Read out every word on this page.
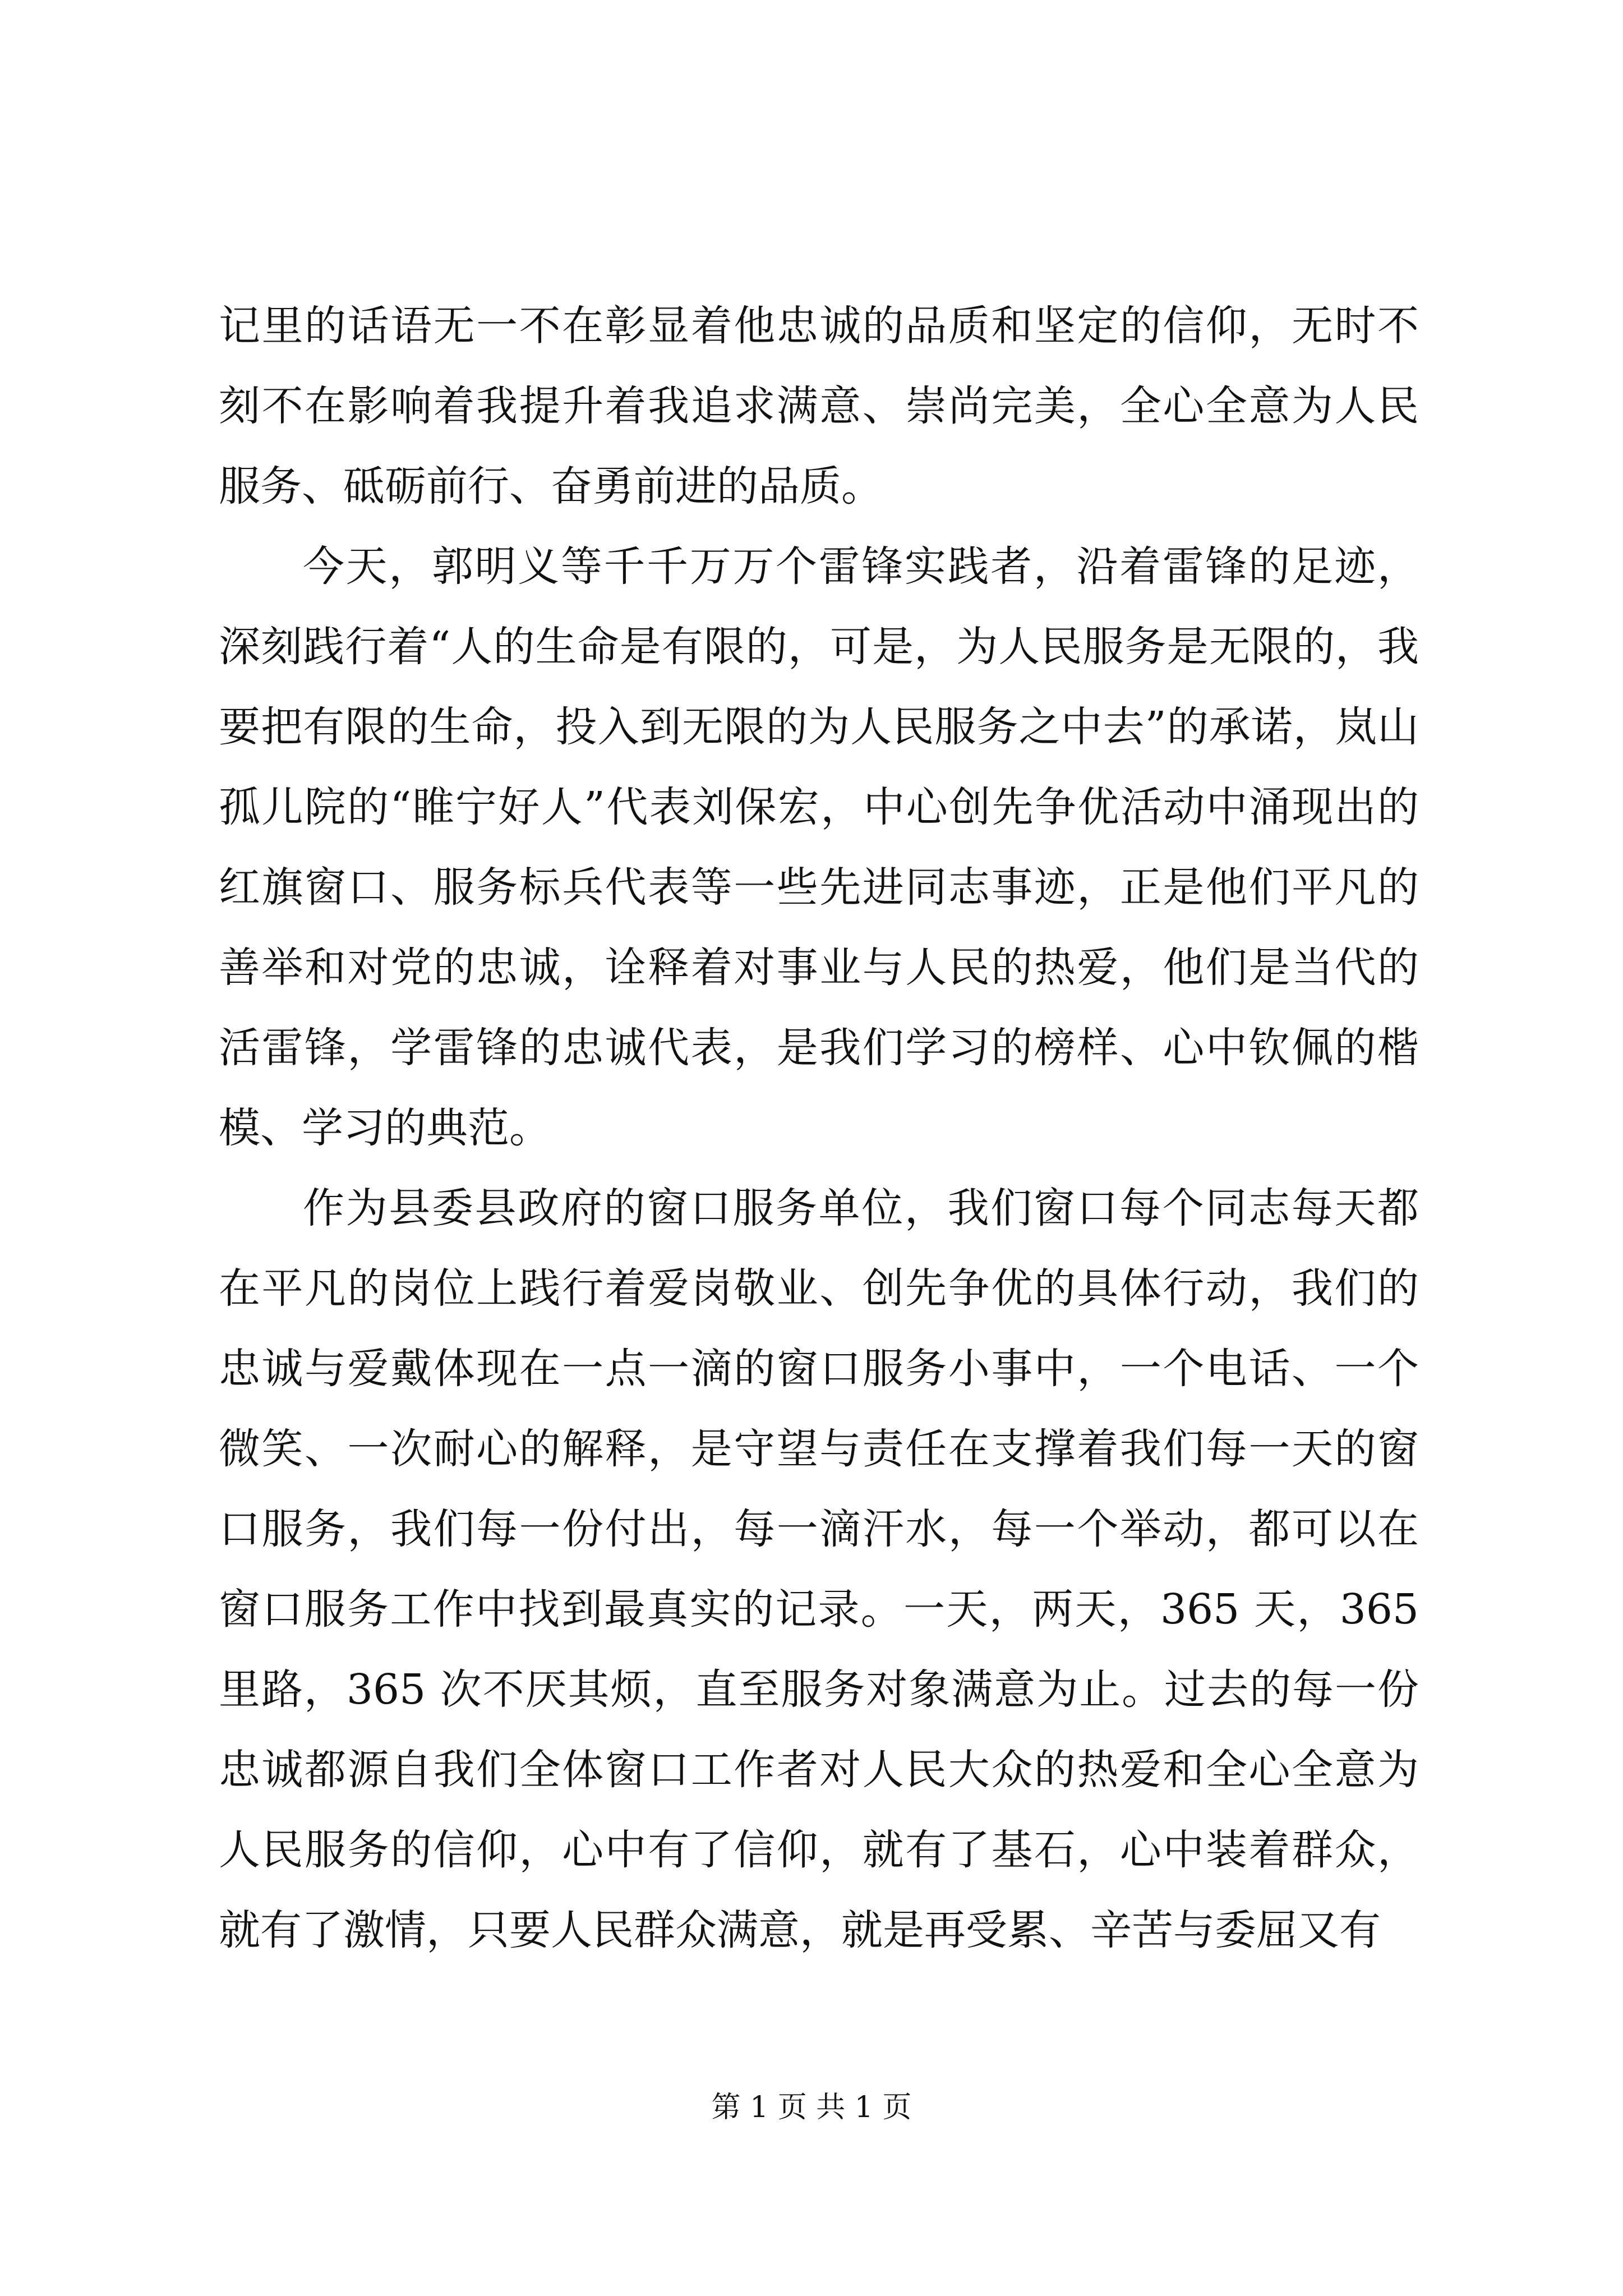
记里的话语无一不在彰显着他忠诚的品质和坚定的信仰，无时不刻不在影响着我提升着我追求满意、崇尚完美，全心全意为人民服务、砥砺前行、奋勇前进的品质。

今天，郭明义等千千万万个雷锋实践者，沿着雷锋的足迹，深刻践行着“人的生命是有限的，可是，为人民服务是无限的，我要把有限的生命，投入到无限的为人民服务之中去”的承诺，岚山孤儿院的“睢宁好人”代表刘保宏，中心创先争优活动中涌现出的红旗窗口、服务标兵代表等一些先进同志事迹，正是他们平凡的善举和对党的忠诚，诠释着对事业与人民的热爱，他们是当代的活雷锋，学雷锋的忠诚代表，是我们学习的榜样、心中钦佩的楷模、学习的典范。

作为县委县政府的窗口服务单位，我们窗口每个同志每天都在平凡的岗位上践行着爱岗敬业、创先争优的具体行动，我们的忠诚与爱戴体现在一点一滴的窗口服务小事中，一个电话、一个微笑、一次耐心的解释，是守望与责任在支撑着我们每一天的窗口服务，我们每一份付出，每一滴汗水，每一个举动，都可以在窗口服务工作中找到最真实的记录。一天，两天，365 天，365 里路，365 次不厌其烦，直至服务对象满意为止。过去的每一份忠诚都源自我们全体窗口工作者对人民大众的热爱和全心全意为人民服务的信仰，心中有了信仰，就有了基石，心中装着群众，就有了激情，只要人民群众满意，就是再受累、辛苦与委屈又有

第 1 页 共 1 页
